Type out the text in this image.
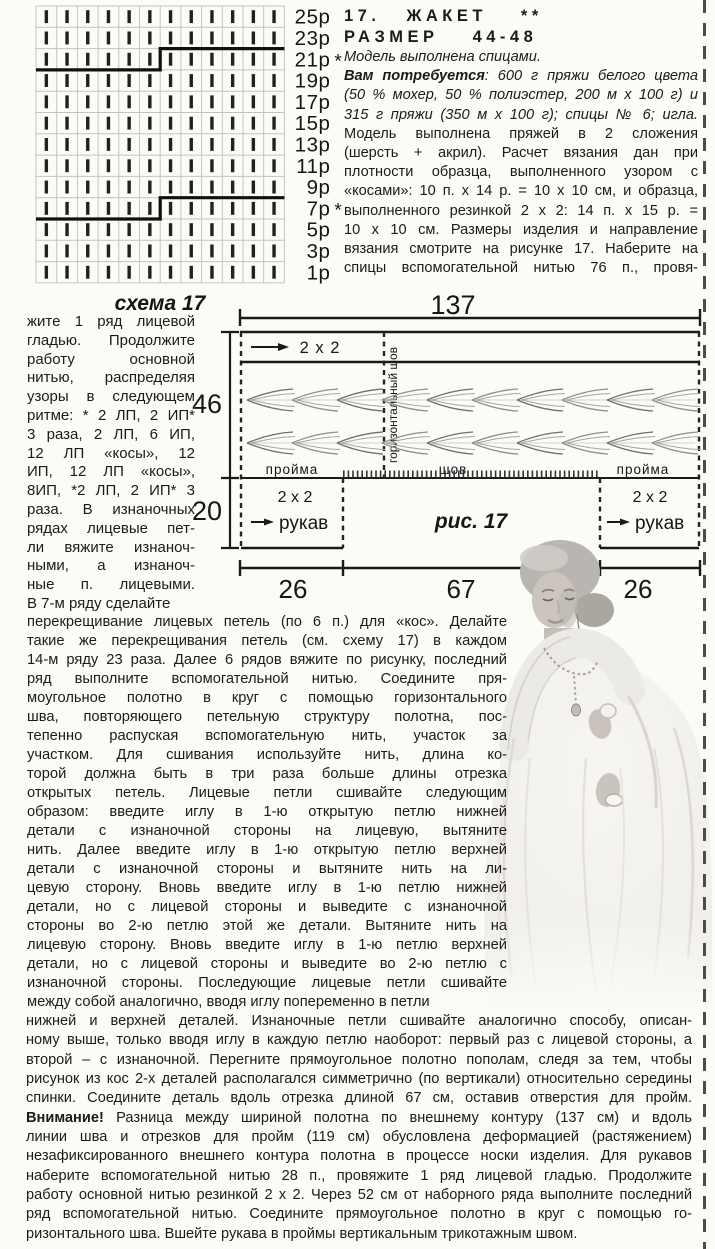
25р
23р
21р *
19р
17р
15р
13р
11р
9р
7р *
5р
3р
1р
схема 17
17. ЖАКЕТ **
РАЗМЕР 44-48
Модель выполнена спицами.
Вам потребуется: 600 г пряжи белого цвета
(50 % мохер, 50 % полиэстер, 200 м х 100 г) и
315 г пряжи (350 м х 100 г); спицы № 6; игла.
Модель выполнена пряжей в 2 сложения
(шерсть + акрил). Расчет вязания дан при
плотности образца, выполненного узором с
«косами»: 10 п. х 14 р. = 10 х 10 см, и образца,
выполненного резинкой 2 х 2: 14 п. х 15 р. =
10 х 10 см. Размеры изделия и направление
вязания смотрите на рисунке 17. Наберите на
спицы вспомогательной нитью 76 п., провя-
137
2 x 2	горизонтальный шов
пройма	шов	пройма
2 x 2
рукав
2 x 2
рукав
рис. 17
46
20
26	67	26
жите 1 ряд лицевой
гладью. Продолжите
работу основной
нитью, распределяя
узоры в следующем
ритме: * 2 ЛП, 2 ИП*
3 раза, 2 ЛП, 6 ИП,
12 ЛП «косы», 12
ИП, 12 ЛП «косы»,
8ИП, *2 ЛП, 2 ИП* 3
раза. В изнаночных
рядах лицевые пет-
ли вяжите изнаноч-
ными, а изнаноч-
ные п. лицевыми.
В 7-м ряду сделайте
перекрещивание лицевых петель (по 6 п.) для «кос». Делайте
такие же перекрещивания петель (см. схему 17) в каждом
14-м ряду 23 раза. Далее 6 рядов вяжите по рисунку, последний
ряд выполните вспомогательной нитью. Соедините пря-
моугольное полотно в круг с помощью горизонтального
шва, повторяющего петельную структуру полотна, пос-
тепенно распуская вспомогательную нить, участок за
участком. Для сшивания используйте нить, длина ко-
торой должна быть в три раза больше длины отрезка
открытых петель. Лицевые петли сшивайте следующим
образом: введите иглу в 1-ю открытую петлю нижней
детали с изнаночной стороны на лицевую, вытяните
нить. Далее введите иглу в 1-ю открытую петлю верхней
детали с изнаночной стороны и вытяните нить на ли-
цевую сторону. Вновь введите иглу в 1-ю петлю нижней
детали, но с лицевой стороны и выведите с изнаночной
стороны во 2-ю петлю этой же детали. Вытяните нить на
лицевую сторону. Вновь введите иглу в 1-ю петлю верхней
детали, но с лицевой стороны и выведите во 2-ю петлю с
изнаночной стороны. Последующие лицевые петли сшивайте
между собой аналогично, вводя иглу попеременно в петли
нижней и верхней деталей. Изнаночные петли сшивайте аналогично способу, описан-
ному выше, только вводя иглу в каждую петлю наоборот: первый раз с лицевой стороны, а
второй – с изнаночной. Перегните прямоугольное полотно пополам, следя за тем, чтобы
рисунок из кос 2-х деталей располагался симметрично (по вертикали) относительно середины
спинки. Соедините деталь вдоль отрезка длиной 67 см, оставив отверстия для пройм.
Внимание! Разница между шириной полотна по внешнему контуру (137 см) и вдоль
линии шва и отрезков для пройм (119 см) обусловлена деформацией (растяжением)
незафиксированного внешнего контура полотна в процессе носки изделия. Для рукавов
наберите вспомогательной нитью 28 п., провяжите 1 ряд лицевой гладью. Продолжите
работу основной нитью резинкой 2 х 2. Через 52 см от наборного ряда выполните последний
ряд вспомогательной нитью. Соедините прямоугольное полотно в круг с помощью го-
ризонтального шва. Вшейте рукава в проймы вертикальным трикотажным швом.
